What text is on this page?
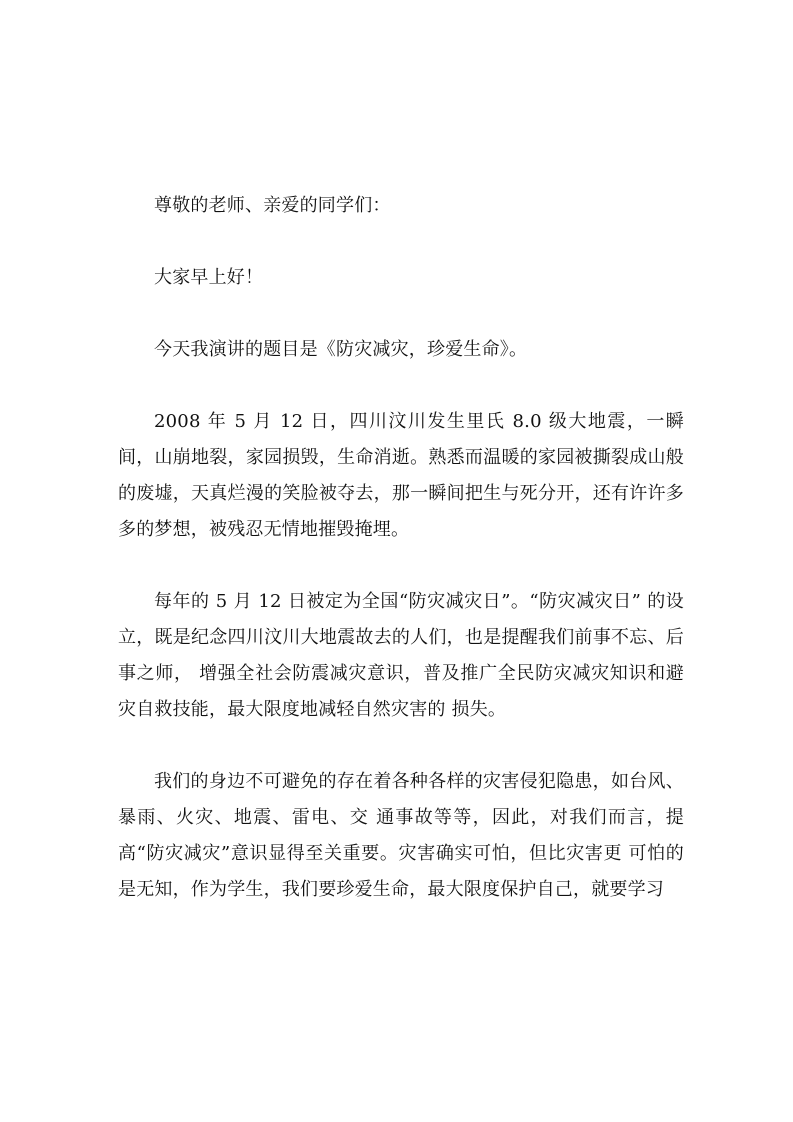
尊敬的老师、亲爱的同学们：

大家早上好！

今天我演讲的题目是《防灾减灾，珍爱生命》。

2008 年 5 月 12 日，四川汶川发生里氏 8.0 级大地震，一瞬间，山崩地裂，家园损毁，生命消逝。熟悉而温暖的家园被撕裂成山般的废墟，天真烂漫的笑脸被夺去，那一瞬间把生与死分开，还有许许多多的梦想，被残忍无情地摧毁掩埋。

每年的 5 月 12 日被定为全国“防灾减灾日”。“防灾减灾日” 的设立，既是纪念四川汶川大地震故去的人们，也是提醒我们前事不忘、后事之师， 增强全社会防震减灾意识，普及推广全民防灾减灾知识和避灾自救技能，最大限度地减轻自然灾害的 损失。

我们的身边不可避免的存在着各种各样的灾害侵犯隐患，如台风、暴雨、火灾、地震、雷电、交 通事故等等，因此，对我们而言，提高“防灾减灾”意识显得至关重要。灾害确实可怕，但比灾害更 可怕的是无知，作为学生，我们要珍爱生命，最大限度保护自己，就要学习
